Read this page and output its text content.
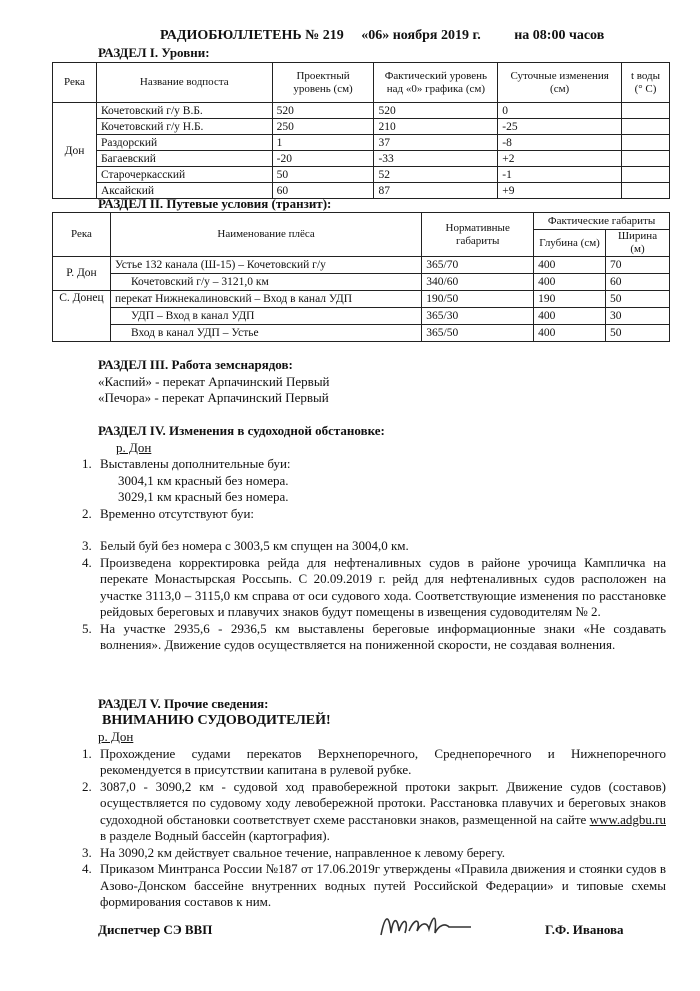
РАДИОБЮЛЛЕТЕНЬ № 219 «06» ноября 2019 г. на 08:00 часов
РАЗДЕЛ I. Уровни:
Река	Название водпоста	Проектный уровень (см)	Фактический уровень над «0» графика (см)	Суточные изменения (см)	t воды (° С)
Дон	Кочетовский г/у В.Б.	520	520	0	
	Кочетовский г/у Н.Б.	250	210	-25	
	Раздорский	1	37	-8	
	Багаевский	-20	-33	+2	
	Старочеркасский	50	52	-1	
	Аксайский	60	87	+9	
РАЗДЕЛ II. Путевые условия (транзит):
Река	Наименование плёса	Нормативные габариты	Фактические габариты	
			Глубина (см)	Ширина (м)
Р. Дон	Устье 132 канала (Ш-15) – Кочетовский г/у	365/70	400	70
	Кочетовский г/у – 3121,0 км	340/60	400	60
С. Донец	перекат Нижнекалиновский – Вход в канал УДП	190/50	190	50
	УДП – Вход в канал УДП	365/30	400	30
	Вход в канал УДП – Устье	365/50	400	50
РАЗДЕЛ III. Работа земснарядов:
«Каспий» - перекат Арпачинский Первый
«Печора» - перекат Арпачинский Первый
РАЗДЕЛ IV. Изменения в судоходной обстановке:
р. Дон
1. Выставлены дополнительные буи:
3004,1 км красный без номера.
3029,1 км красный без номера.
2. Временно отсутствуют буи:
3. Белый буй без номера с 3003,5 км спущен на 3004,0 км.
4. Произведена корректировка рейда для нефтеналивных судов в районе урочища Кампличка на перекате Монастырская Россыпь. С 20.09.2019 г. рейд для нефтеналивных судов расположен на участке 3113,0 – 3115,0 км справа от оси судового хода. Соответствующие изменения по расстановке рейдовых береговых и плавучих знаков будут помещены в извещения судоводителям № 2.
5. На участке 2935,6 - 2936,5 км выставлены береговые информационные знаки «Не создавать волнения». Движение судов осуществляется на пониженной скорости, не создавая волнения.
РАЗДЕЛ V. Прочие сведения:
ВНИМАНИЮ СУДОВОДИТЕЛЕЙ!
р. Дон
1. Прохождение судами перекатов Верхнепоречного, Среднепоречного и Нижнепоречного рекомендуется в присутствии капитана в рулевой рубке.
2. 3087,0 - 3090,2 км - судовой ход правобережной протоки закрыт. Движение судов (составов) осуществляется по судовому ходу левобережной протоки. Расстановка плавучих и береговых знаков судоходной обстановки соответствует схеме расстановки знаков, размещенной на сайте www.adgbu.ru в разделе Водный бассейн (картография).
3. На 3090,2 км действует свальное течение, направленное к левому берегу.
4. Приказом Минтранса России №187 от 17.06.2019г утверждены «Правила движения и стоянки судов в Азово-Донском бассейне внутренних водных путей Российской Федерации» и типовые схемы формирования составов к ним.
Диспетчер СЭ ВВП	Г.Ф. Иванова
